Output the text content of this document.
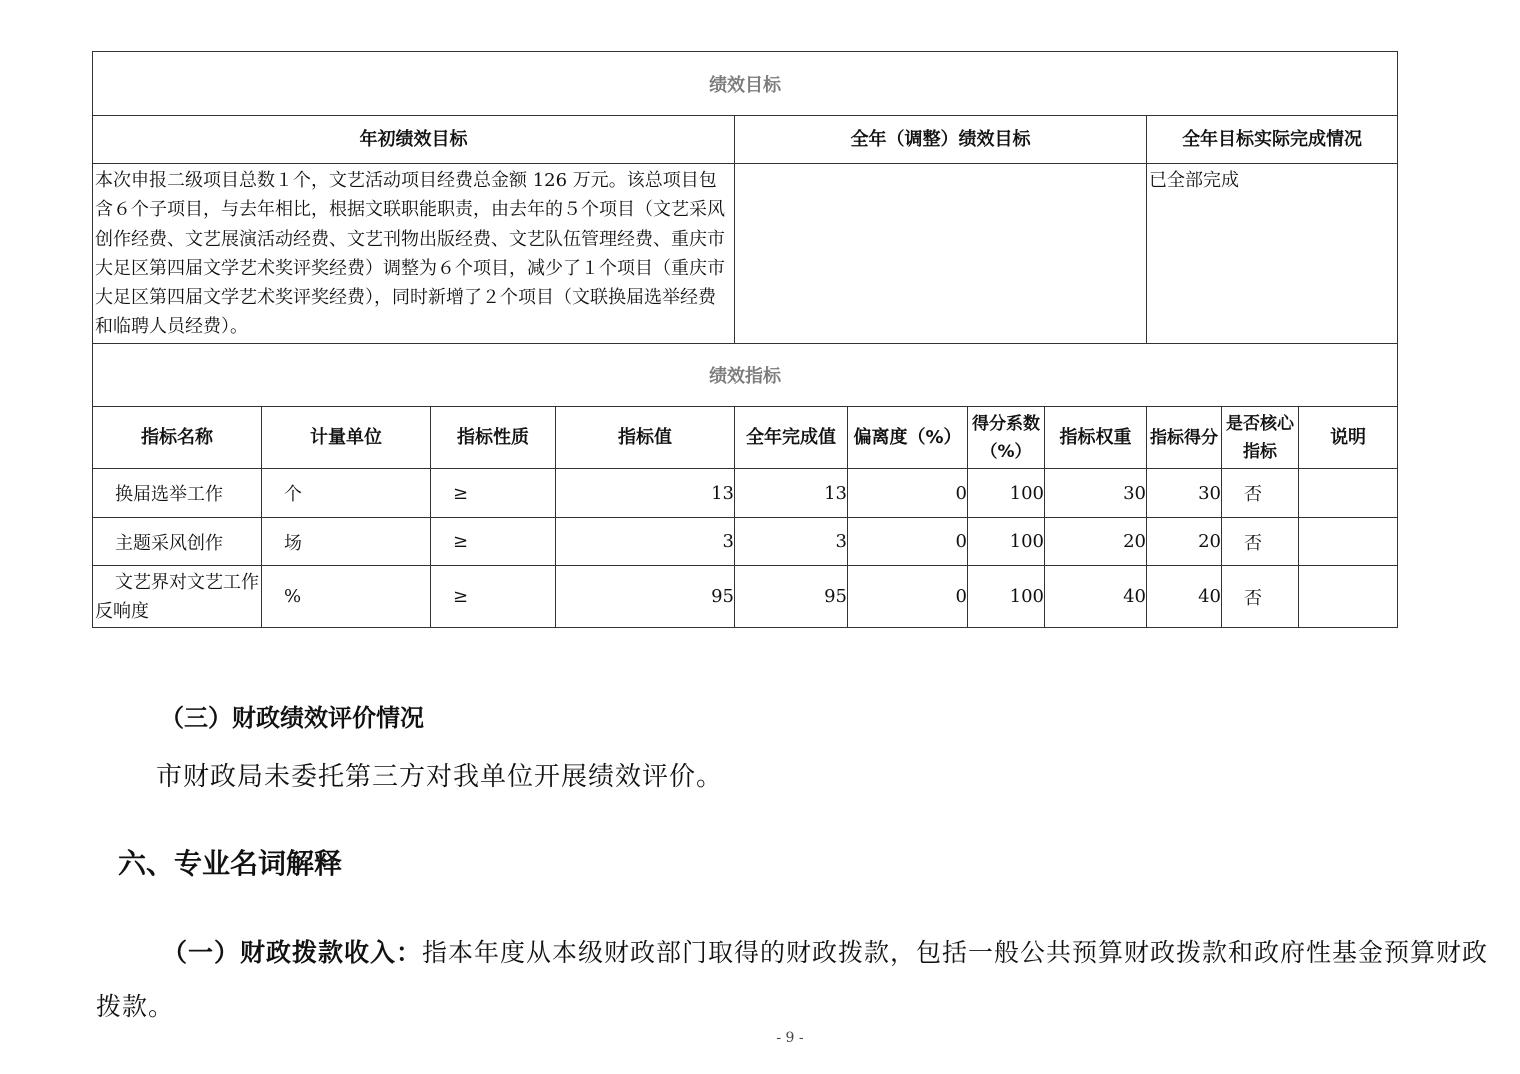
绩效目标										
年初绩效目标				全年（调整）绩效目标				全年目标实际完成情况		
本次申报二级项目总数１个，文艺活动项目经费总金额 126 万元。该总项目包含６个子项目，与去年相比，根据文联职能职责，由去年的５个项目（文艺采风创作经费、文艺展演活动经费、文艺刊物出版经费、文艺队伍管理经费、重庆市大足区第四届文学艺术奖评奖经费）调整为６个项目，减少了１个项目（重庆市大足区第四届文学艺术奖评奖经费），同时新增了２个项目（文联换届选举经费和临聘人员经费）。								已全部完成		
绩效指标										
指标名称	计量单位	指标性质	指标值	全年完成值	偏离度（%）	得分系数（%）	指标权重	指标得分	是否核心指标	说明
换届选举工作	个	≥	13	13	0	100	30	30	否	
主题采风创作	场	≥	3	3	0	100	20	20	否	
文艺界对文艺工作反响度	%	≥	95	95	0	100	40	40	否	
（三）财政绩效评价情况
市财政局未委托第三方对我单位开展绩效评价。
六、专业名词解释
（一）财政拨款收入：指本年度从本级财政部门取得的财政拨款，包括一般公共预算财政拨款和政府性基金预算财政拨款。
- 9 -
